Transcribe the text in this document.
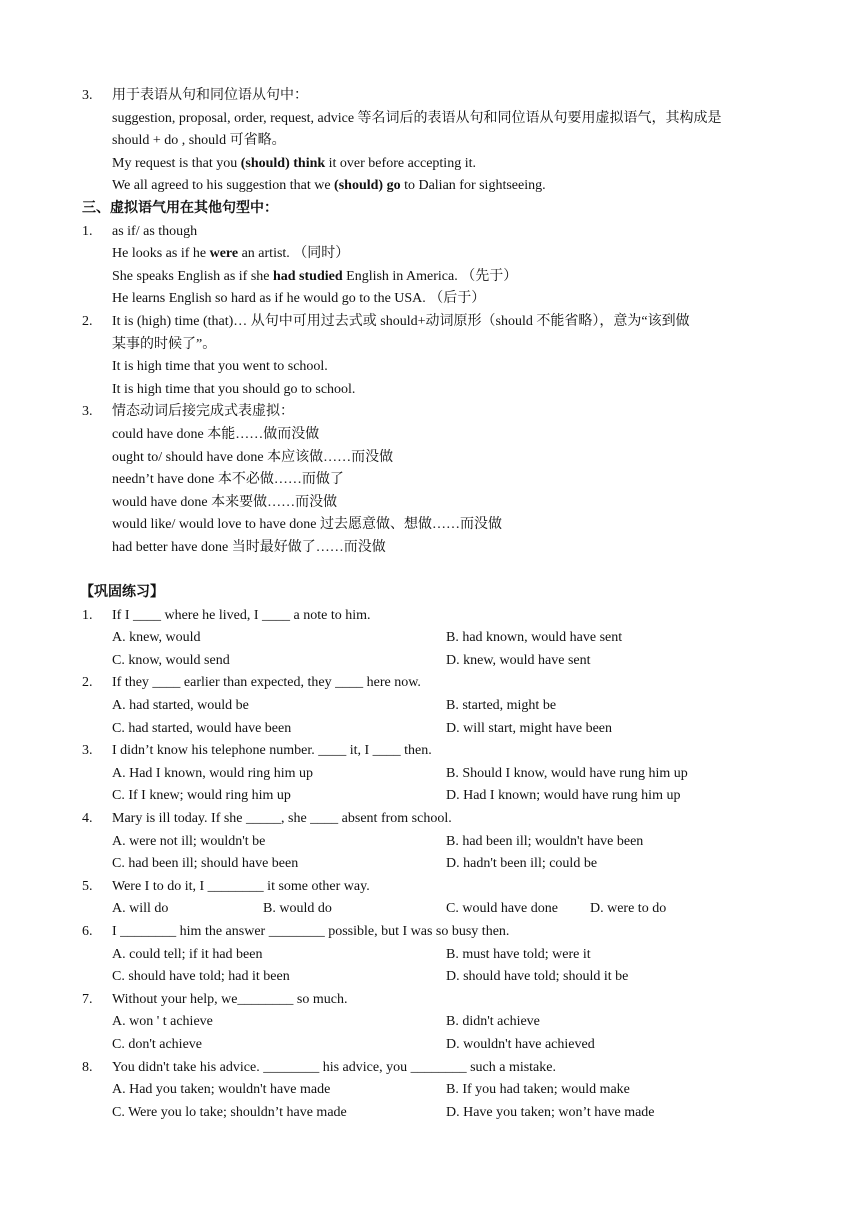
3. 用于表语从句和同位语从句中：
suggestion, proposal, order, request, advice 等名词后的表语从句和同位语从句要用虚拟语气，其构成是
should + do , should 可省略。
My request is that you (should) think it over before accepting it.
We all agreed to his suggestion that we (should) go to Dalian for sightseeing.
三、虚拟语气用在其他句型中：
1. as if/ as though
He looks as if he were an artist. （同时）
She speaks English as if she had studied English in America. （先于）
He learns English so hard as if he would go to the USA. （后于）
2. It is (high) time (that)… 从句中可用过去式或 should+动词原形（should 不能省略），意为“该到做
某事的时候了”。
It is high time that you went to school.
It is high time that you should go to school.
3. 情态动词后接完成式表虚拟：
could have done 本能……做而没做
ought to/ should have done 本应该做……而没做
needn’t have done 本不必做……而做了
would have done 本来要做……而没做
would like/ would love to have done 过去愿意做、想做……而没做
had better have done 当时最好做了……而没做
【巩固练习】
1. If I ____ where he lived, I ____ a note to him.
A. knew, would	B. had known, would have sent
C. know, would send	D. knew, would have sent
2. If they ____ earlier than expected, they ____ here now.
A. had started, would be	B. started, might be
C. had started, would have been	D. will start, might have been
3. I didn’t know his telephone number. ____ it, I ____ then.
A. Had I known, would ring him up	B. Should I know, would have rung him up
C. If I knew; would ring him up	D. Had I known; would have rung him up
4. Mary is ill today. If she _____, she ____ absent from school.
A. were not ill; wouldn't be	B. had been ill; wouldn't have been
C. had been ill; should have been	D. hadn't been ill; could be
5. Were I to do it, I ________ it some other way.
A. will do	B. would do	C. would have done D. were to do
6. I ________ him the answer ________ possible, but I was so busy then.
A. could tell; if it had been	B. must have told; were it
C. should have told; had it been	D. should have told; should it be
7. Without your help, we________ so much.
A. won ' t achieve	B. didn't achieve
C. don't achieve	D. wouldn't have achieved
8. You didn't take his advice. ________ his advice, you ________ such a mistake.
A. Had you taken; wouldn't have made	B. If you had taken; would make
C. Were you lo take; shouldn’t have made	D. Have you taken; won’t have made
